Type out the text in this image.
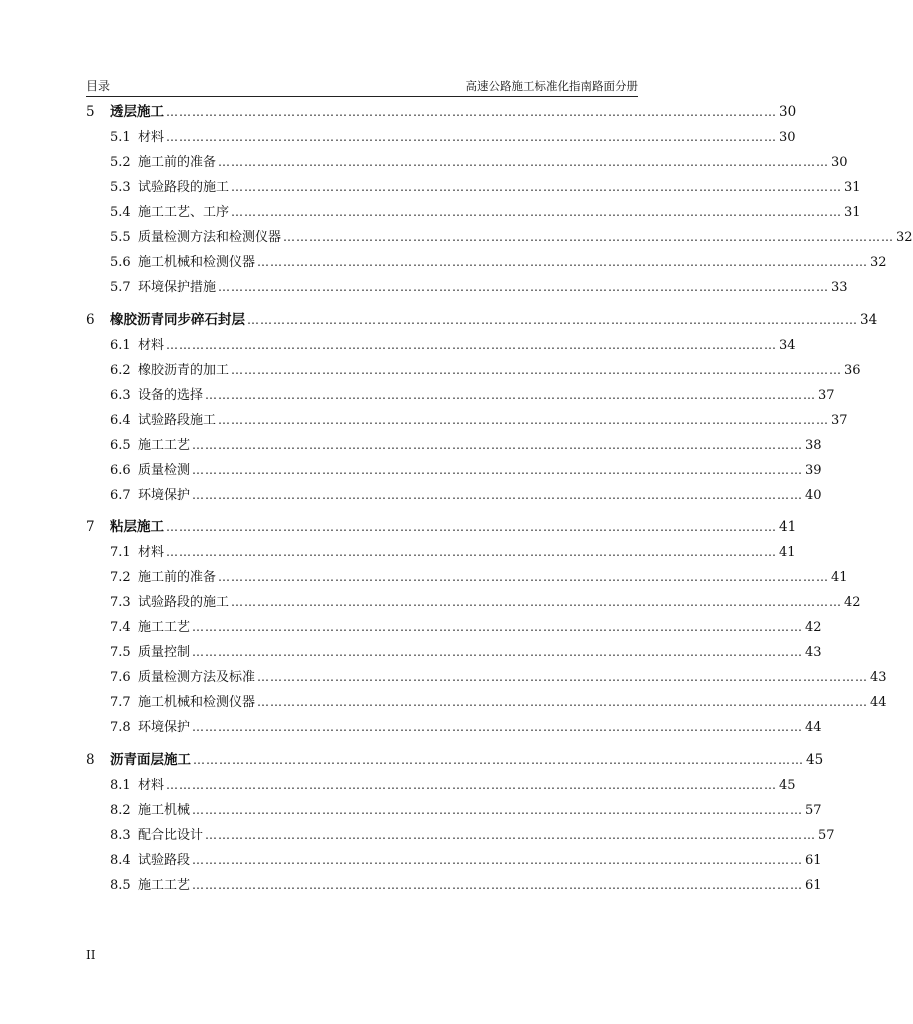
目录	高速公路施工标准化指南路面分册
5	透层施工 …………………………………………………………………………………………………………………………… 30
5.1 材料 …………………………………………………………………………………………………………………………… 30
5.2 施工前的准备 …………………………………………………………………………………………………………………………… 30
5.3 试验路段的施工 …………………………………………………………………………………………………………………………… 31
5.4 施工工艺、工序 …………………………………………………………………………………………………………………………… 31
5.5 质量检测方法和检测仪器 …………………………………………………………………………………………………………………………… 32
5.6 施工机械和检测仪器 …………………………………………………………………………………………………………………………… 32
5.7 环境保护措施 …………………………………………………………………………………………………………………………… 33
6	橡胶沥青同步碎石封层 …………………………………………………………………………………………………………………………… 34
6.1 材料 …………………………………………………………………………………………………………………………… 34
6.2 橡胶沥青的加工 …………………………………………………………………………………………………………………………… 36
6.3 设备的选择 …………………………………………………………………………………………………………………………… 37
6.4 试验路段施工 …………………………………………………………………………………………………………………………… 37
6.5 施工工艺 …………………………………………………………………………………………………………………………… 38
6.6 质量检测 …………………………………………………………………………………………………………………………… 39
6.7 环境保护 …………………………………………………………………………………………………………………………… 40
7	粘层施工 …………………………………………………………………………………………………………………………… 41
7.1 材料 …………………………………………………………………………………………………………………………… 41
7.2 施工前的准备 …………………………………………………………………………………………………………………………… 41
7.3 试验路段的施工 …………………………………………………………………………………………………………………………… 42
7.4 施工工艺 …………………………………………………………………………………………………………………………… 42
7.5 质量控制 …………………………………………………………………………………………………………………………… 43
7.6 质量检测方法及标准 …………………………………………………………………………………………………………………………… 43
7.7 施工机械和检测仪器 …………………………………………………………………………………………………………………………… 44
7.8 环境保护 …………………………………………………………………………………………………………………………… 44
8	沥青面层施工 …………………………………………………………………………………………………………………………… 45
8.1 材料 …………………………………………………………………………………………………………………………… 45
8.2 施工机械 …………………………………………………………………………………………………………………………… 57
8.3 配合比设计 …………………………………………………………………………………………………………………………… 57
8.4 试验路段 …………………………………………………………………………………………………………………………… 61
8.5 施工工艺 …………………………………………………………………………………………………………………………… 61
II
